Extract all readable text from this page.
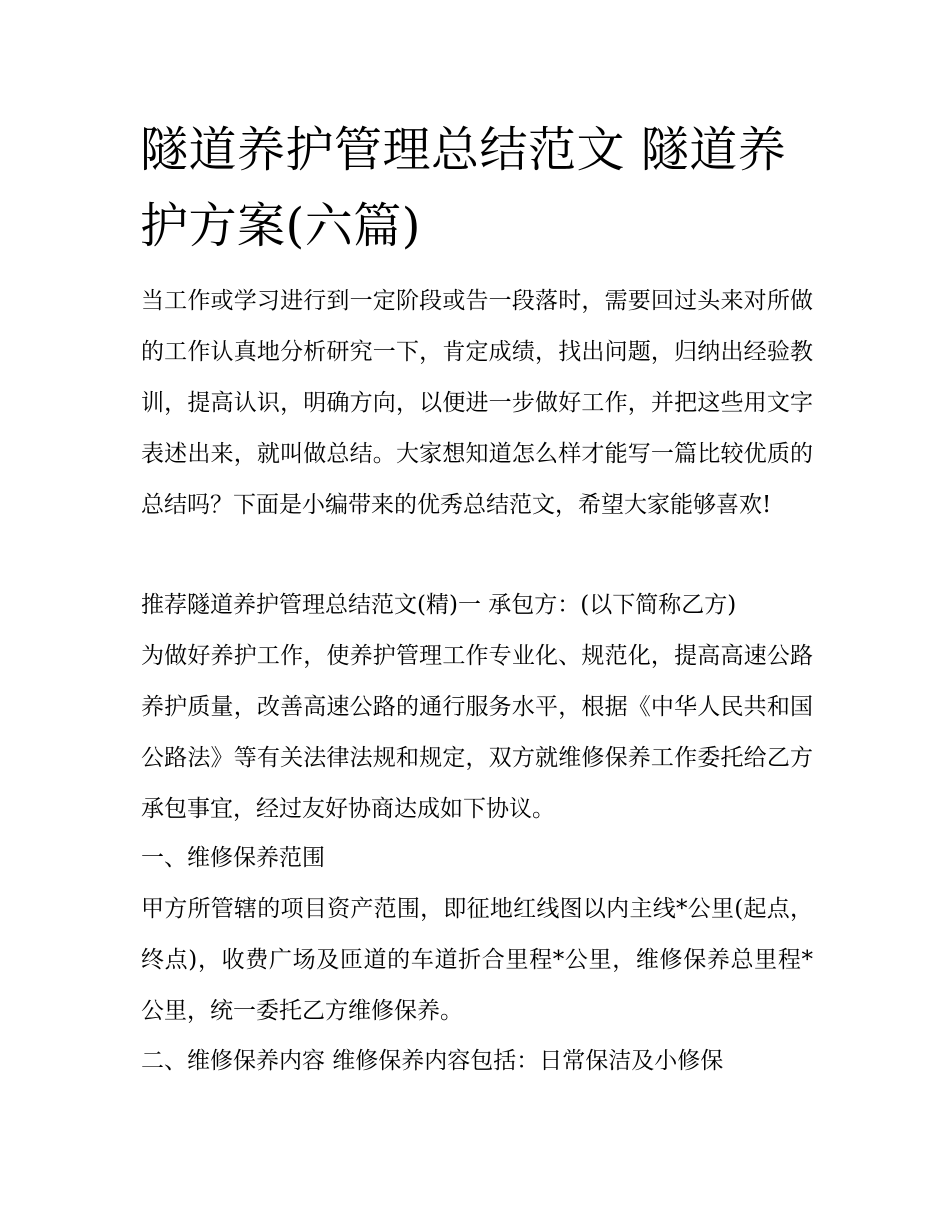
隧道养护管理总结范文 隧道养护方案(六篇)

当工作或学习进行到一定阶段或告一段落时，需要回过头来对所做的工作认真地分析研究一下，肯定成绩，找出问题，归纳出经验教训，提高认识，明确方向，以便进一步做好工作，并把这些用文字表述出来，就叫做总结。大家想知道怎么样才能写一篇比较优质的总结吗？下面是小编带来的优秀总结范文，希望大家能够喜欢!

推荐隧道养护管理总结范文(精)一 承包方：(以下简称乙方)

为做好养护工作，使养护管理工作专业化、规范化，提高高速公路养护质量，改善高速公路的通行服务水平，根据《中华人民共和国公路法》等有关法律法规和规定，双方就维修保养工作委托给乙方承包事宜，经过友好协商达成如下协议。

一、维修保养范围

甲方所管辖的项目资产范围，即征地红线图以内主线*公里(起点，终点)，收费广场及匝道的车道折合里程*公里，维修保养总里程*公里，统一委托乙方维修保养。

二、维修保养内容 维修保养内容包括：日常保洁及小修保
